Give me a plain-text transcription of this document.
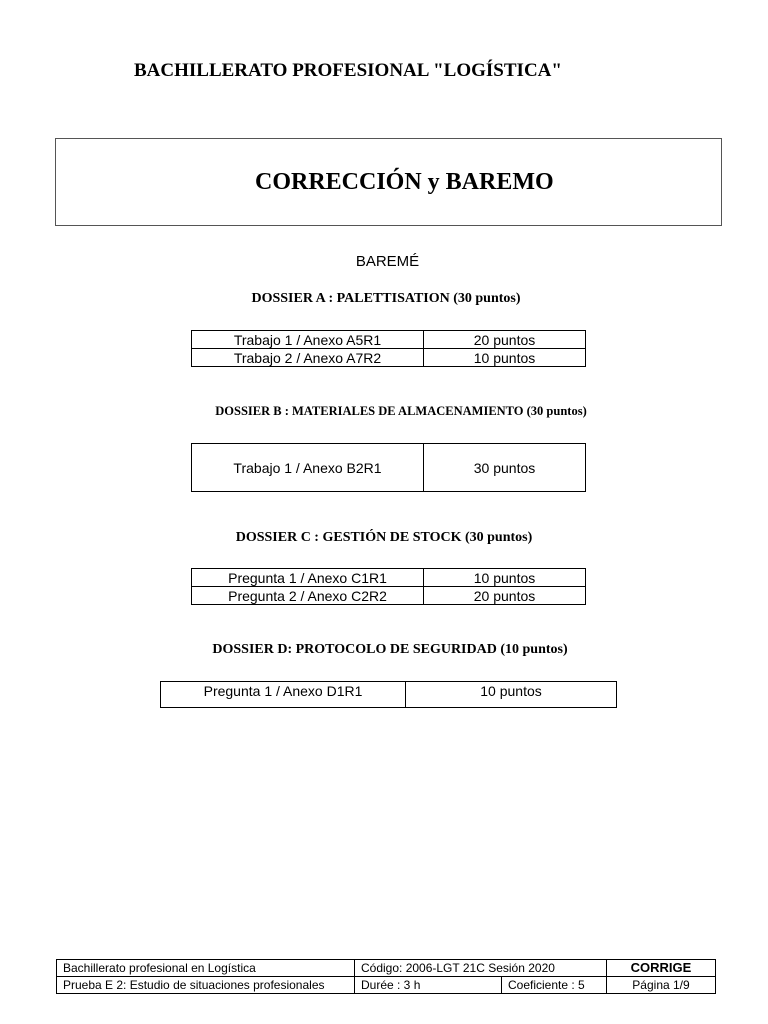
BACHILLERATO PROFESIONAL "LOGÍSTICA"
CORRECCIÓN y BAREMO
BAREMÉ
DOSSIER A : PALETTISATION (30 puntos)
Trabajo 1 / Anexo A5R1	20 puntos
Trabajo 2 / Anexo A7R2	10 puntos
DOSSIER B : MATERIALES DE ALMACENAMIENTO (30 puntos)
Trabajo 1 / Anexo B2R1	30 puntos
DOSSIER C : GESTIÓN DE STOCK (30 puntos)
Pregunta 1 / Anexo C1R1	10 puntos
Pregunta 2 / Anexo C2R2	20 puntos
DOSSIER D: PROTOCOLO DE SEGURIDAD (10 puntos)
Pregunta 1 / Anexo D1R1	10 puntos
Bachillerato profesional en Logística	Código: 2006-LGT 21C Sesión 2020		CORRIGE
Prueba E 2: Estudio de situaciones profesionales	Durée : 3 h	Coeficiente : 5	Página 1/9
